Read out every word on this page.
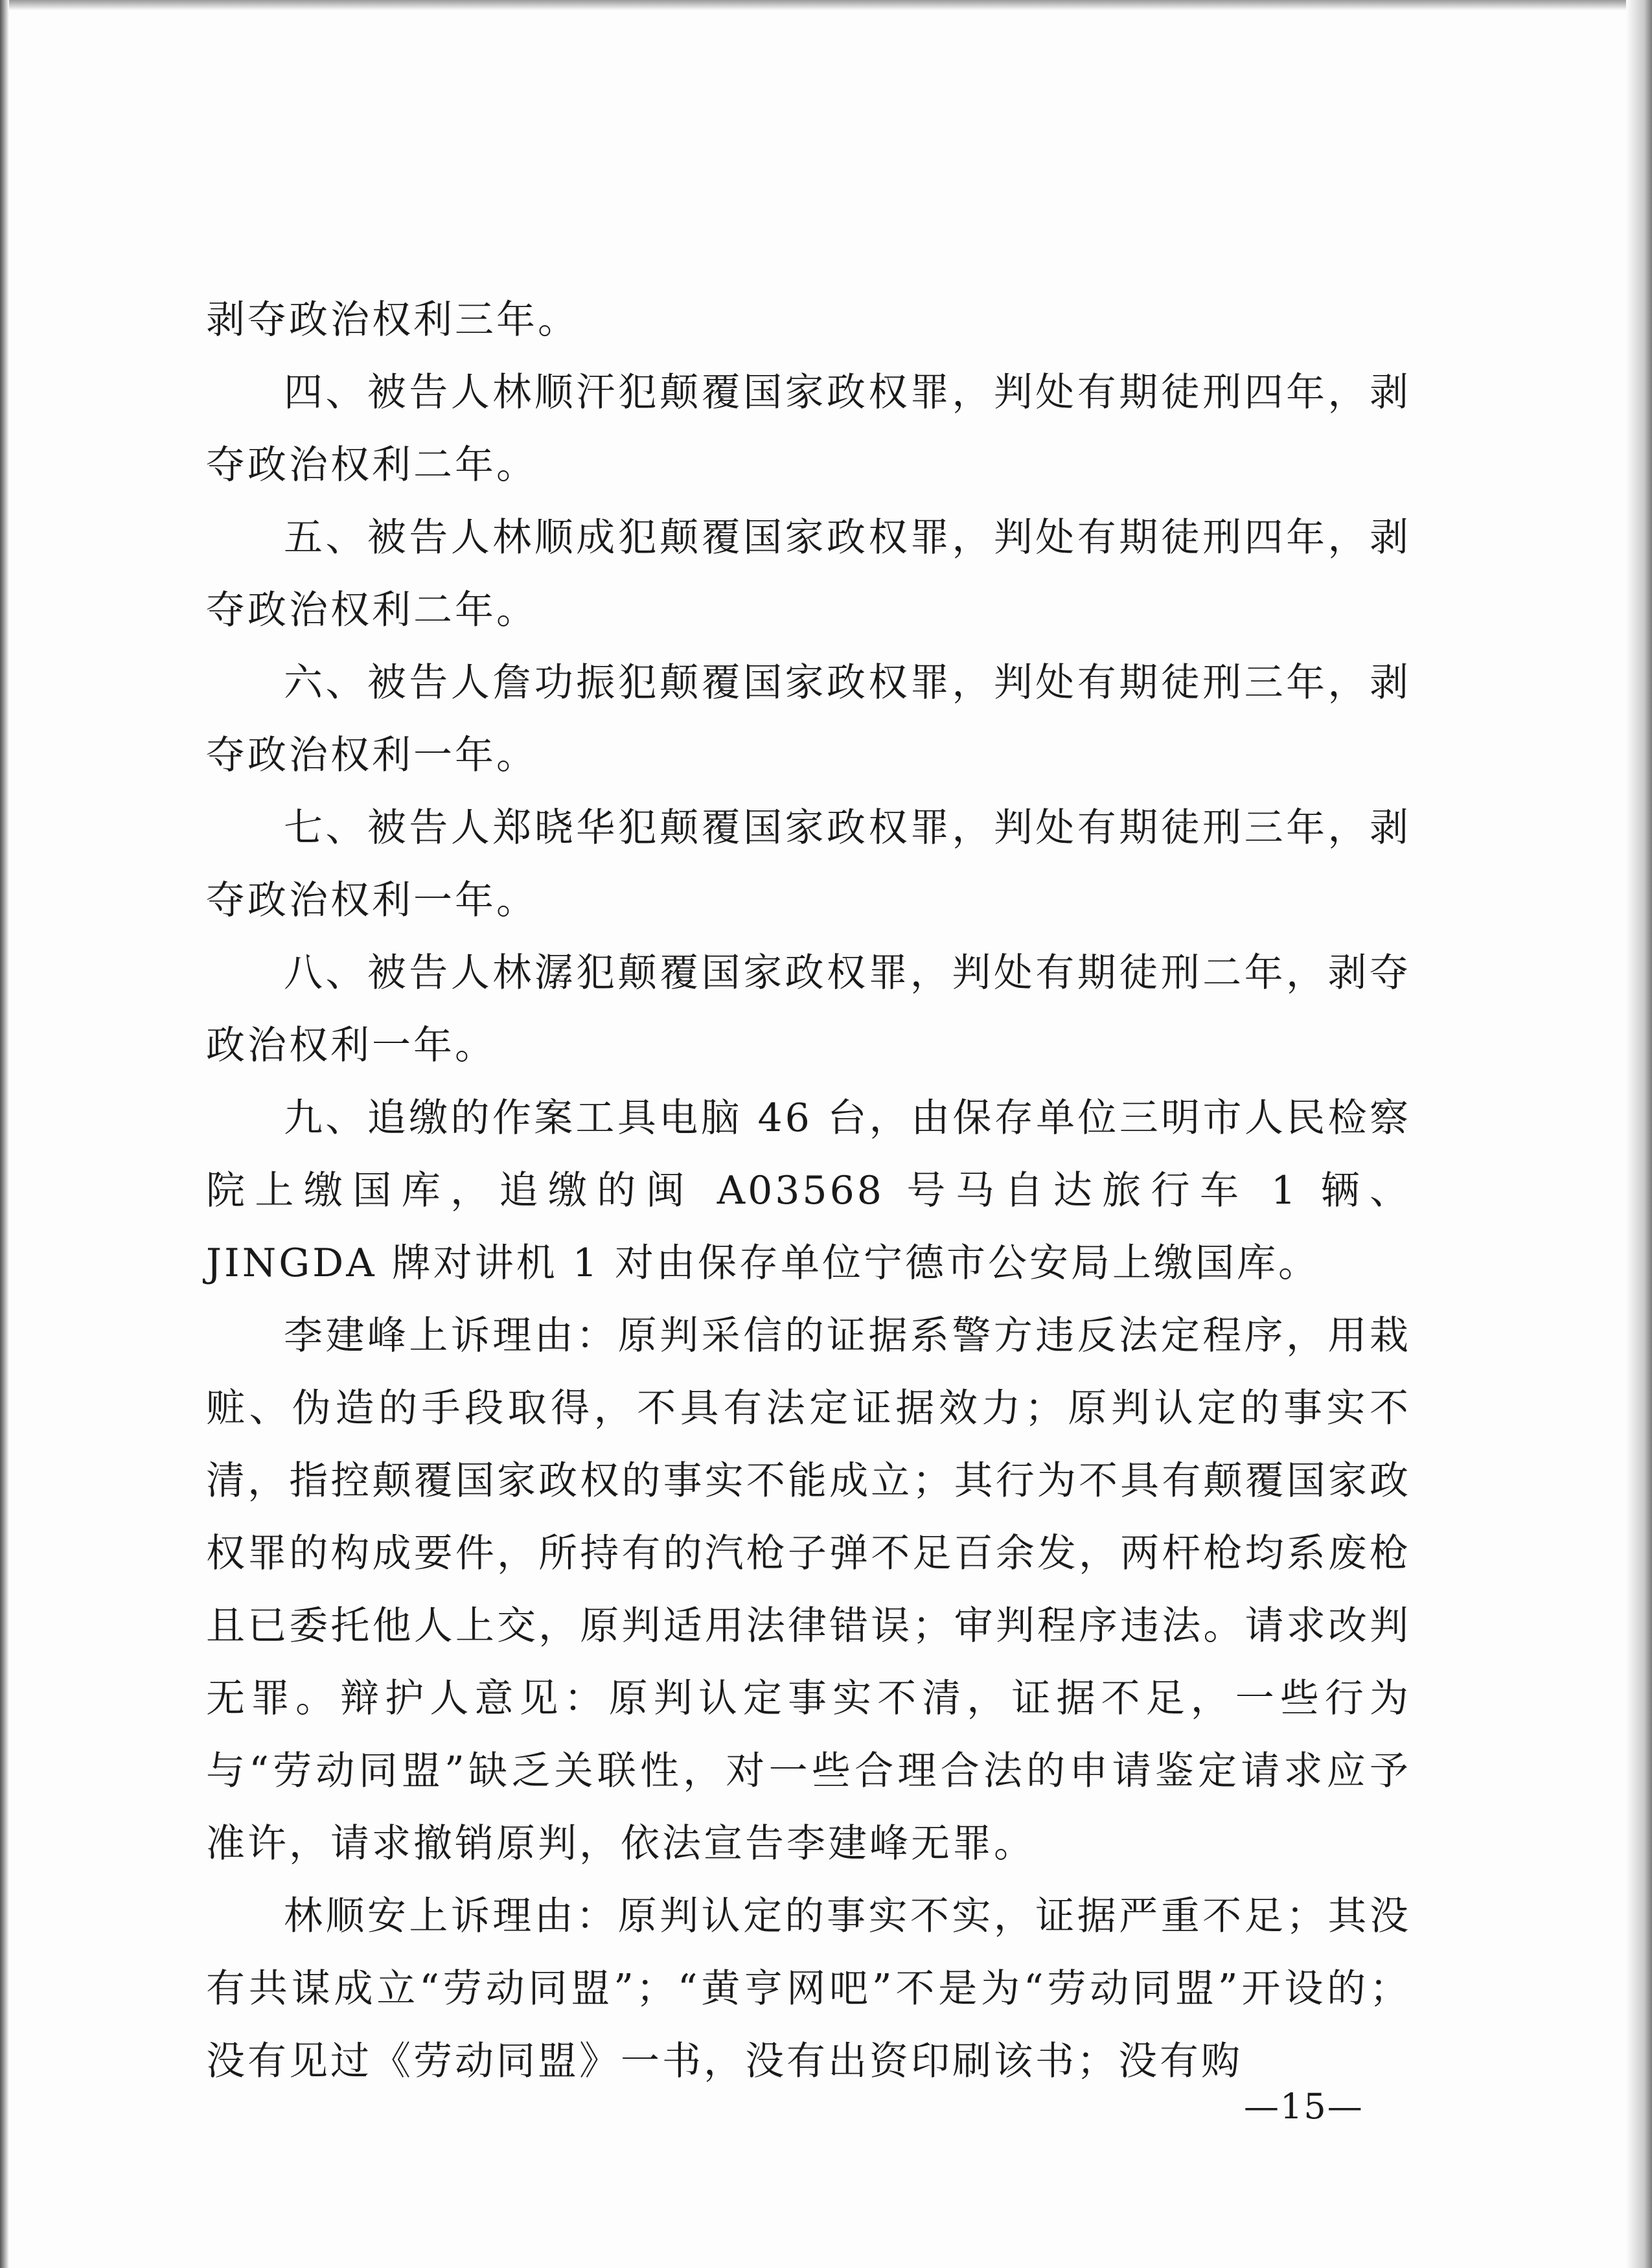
剥夺政治权利三年。

四、被告人林顺汗犯颠覆国家政权罪，判处有期徒刑四年，剥夺政治权利二年。

五、被告人林顺成犯颠覆国家政权罪，判处有期徒刑四年，剥夺政治权利二年。

六、被告人詹功振犯颠覆国家政权罪，判处有期徒刑三年，剥夺政治权利一年。

七、被告人郑晓华犯颠覆国家政权罪，判处有期徒刑三年，剥夺政治权利一年。

八、被告人林潺犯颠覆国家政权罪，判处有期徒刑二年，剥夺政治权利一年。

九、追缴的作案工具电脑 46 台，由保存单位三明市人民检察院上缴国库，追缴的闽 A03568 号马自达旅行车 1 辆、JINGDA 牌对讲机 1 对由保存单位宁德市公安局上缴国库。

李建峰上诉理由：原判采信的证据系警方违反法定程序，用栽赃、伪造的手段取得，不具有法定证据效力；原判认定的事实不清，指控颠覆国家政权的事实不能成立；其行为不具有颠覆国家政权罪的构成要件，所持有的汽枪子弹不足百余发，两杆枪均系废枪且已委托他人上交，原判适用法律错误；审判程序违法。请求改判无罪。辩护人意见：原判认定事实不清，证据不足，一些行为与“劳动同盟”缺乏关联性，对一些合理合法的申请鉴定请求应予准许，请求撤销原判，依法宣告李建峰无罪。

林顺安上诉理由：原判认定的事实不实，证据严重不足；其没有共谋成立“劳动同盟”；“黄亨网吧”不是为“劳动同盟”开设的；没有见过《劳动同盟》一书，没有出资印刷该书；没有购

—15—
